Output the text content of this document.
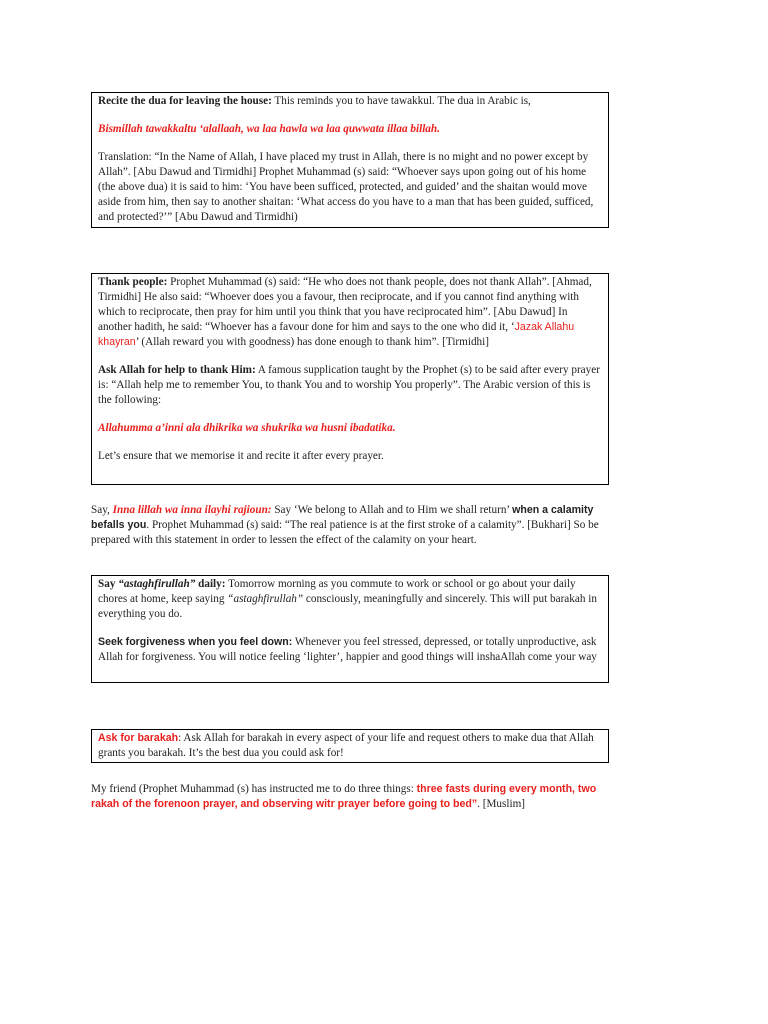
Recite the dua for leaving the house: This reminds you to have tawakkul. The dua in Arabic is,

Bismillah tawakkaltu ‘alallaah, wa laa hawla wa laa quwwata illaa billah.

Translation: “In the Name of Allah, I have placed my trust in Allah, there is no might and no power except by Allah”. [Abu Dawud and Tirmidhi] Prophet Muhammad (s) said: “Whoever says upon going out of his home (the above dua) it is said to him: ‘You have been sufficed, protected, and guided’ and the shaitan would move aside from him, then say to another shaitan: ‘What access do you have to a man that has been guided, sufficed, and protected?’” [Abu Dawud and Tirmidhi)

Thank people: Prophet Muhammad (s) said: “He who does not thank people, does not thank Allah”. [Ahmad, Tirmidhi] He also said: “Whoever does you a favour, then reciprocate, and if you cannot find anything with which to reciprocate, then pray for him until you think that you have reciprocated him”. [Abu Dawud] In another hadith, he said: “Whoever has a favour done for him and says to the one who did it, ‘Jazak Allahu khayran’ (Allah reward you with goodness) has done enough to thank him”. [Tirmidhi]

Ask Allah for help to thank Him: A famous supplication taught by the Prophet (s) to be said after every prayer is: “Allah help me to remember You, to thank You and to worship You properly”. The Arabic version of this is the following:

Allahumma a’inni ala dhikrika wa shukrika wa husni ibadatika.

Let’s ensure that we memorise it and recite it after every prayer.

Say, Inna lillah wa inna ilayhi rajioun: Say ‘We belong to Allah and to Him we shall return’ when a calamity befalls you. Prophet Muhammad (s) said: “The real patience is at the first stroke of a calamity”. [Bukhari] So be prepared with this statement in order to lessen the effect of the calamity on your heart.

Say “astaghfirullah” daily: Tomorrow morning as you commute to work or school or go about your daily chores at home, keep saying “astaghfirullah” consciously, meaningfully and sincerely. This will put barakah in everything you do.

Seek forgiveness when you feel down: Whenever you feel stressed, depressed, or totally unproductive, ask Allah for forgiveness. You will notice feeling ‘lighter’, happier and good things will inshaAllah come your way

Ask for barakah: Ask Allah for barakah in every aspect of your life and request others to make dua that Allah grants you barakah. It’s the best dua you could ask for!

My friend (Prophet Muhammad (s) has instructed me to do three things: three fasts during every month, two rakah of the forenoon prayer, and observing witr prayer before going to bed”. [Muslim]
